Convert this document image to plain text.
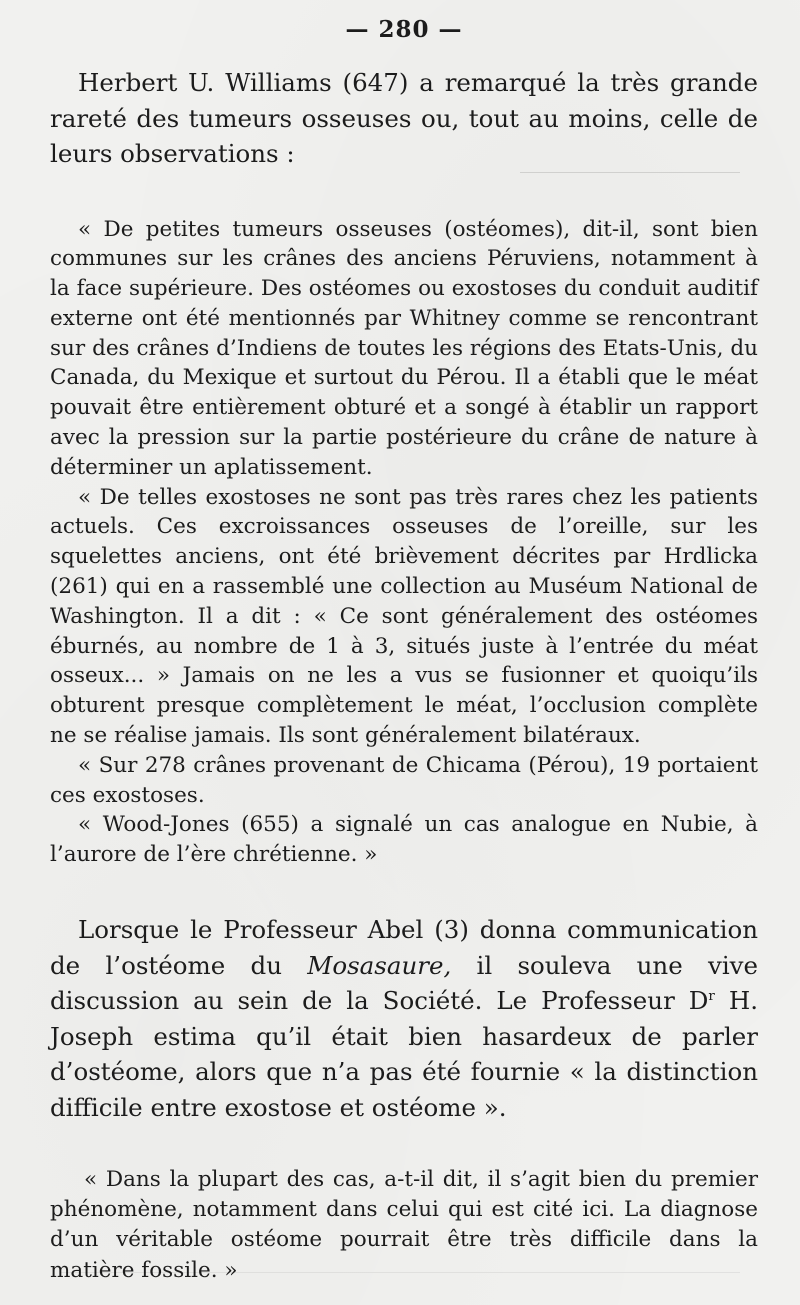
— 280 —

Herbert U. Williams (647) a remarqué la très grande rareté des tumeurs osseuses ou, tout au moins, celle de leurs observations :

« De petites tumeurs osseuses (ostéomes), dit-il, sont bien communes sur les crânes des anciens Péruviens, notamment à la face supérieure. Des ostéomes ou exostoses du conduit auditif externe ont été mentionnés par Whitney comme se rencontrant sur des crânes d’Indiens de toutes les régions des Etats-Unis, du Canada, du Mexique et surtout du Pérou. Il a établi que le méat pouvait être entièrement obturé et a songé à établir un rapport avec la pression sur la partie postérieure du crâne de nature à déterminer un aplatissement.

« De telles exostoses ne sont pas très rares chez les patients actuels. Ces excroissances osseuses de l’oreille, sur les squelettes anciens, ont été brièvement décrites par Hrdlicka (261) qui en a rassemblé une collection au Muséum National de Washington. Il a dit : « Ce sont généralement des ostéomes éburnés, au nombre de 1 à 3, situés juste à l’entrée du méat osseux... » Jamais on ne les a vus se fusionner et quoiqu’ils obturent presque complètement le méat, l’occlusion complète ne se réalise jamais. Ils sont généralement bilatéraux.

« Sur 278 crânes provenant de Chicama (Pérou), 19 portaient ces exostoses.

« Wood-Jones (655) a signalé un cas analogue en Nubie, à l’aurore de l’ère chrétienne. »

Lorsque le Professeur Abel (3) donna communication de l’ostéome du Mosasaure, il souleva une vive discussion au sein de la Société. Le Professeur $D^r$ H. Joseph estima qu’il était bien hasardeux de parler d’ostéome, alors que n’a pas été fournie « la distinction difficile entre exostose et ostéome ».

« Dans la plupart des cas, a-t-il dit, il s’agit bien du premier phénomène, notamment dans celui qui est cité ici. La diagnose d’un véritable ostéome pourrait être très difficile dans la matière fossile. »
